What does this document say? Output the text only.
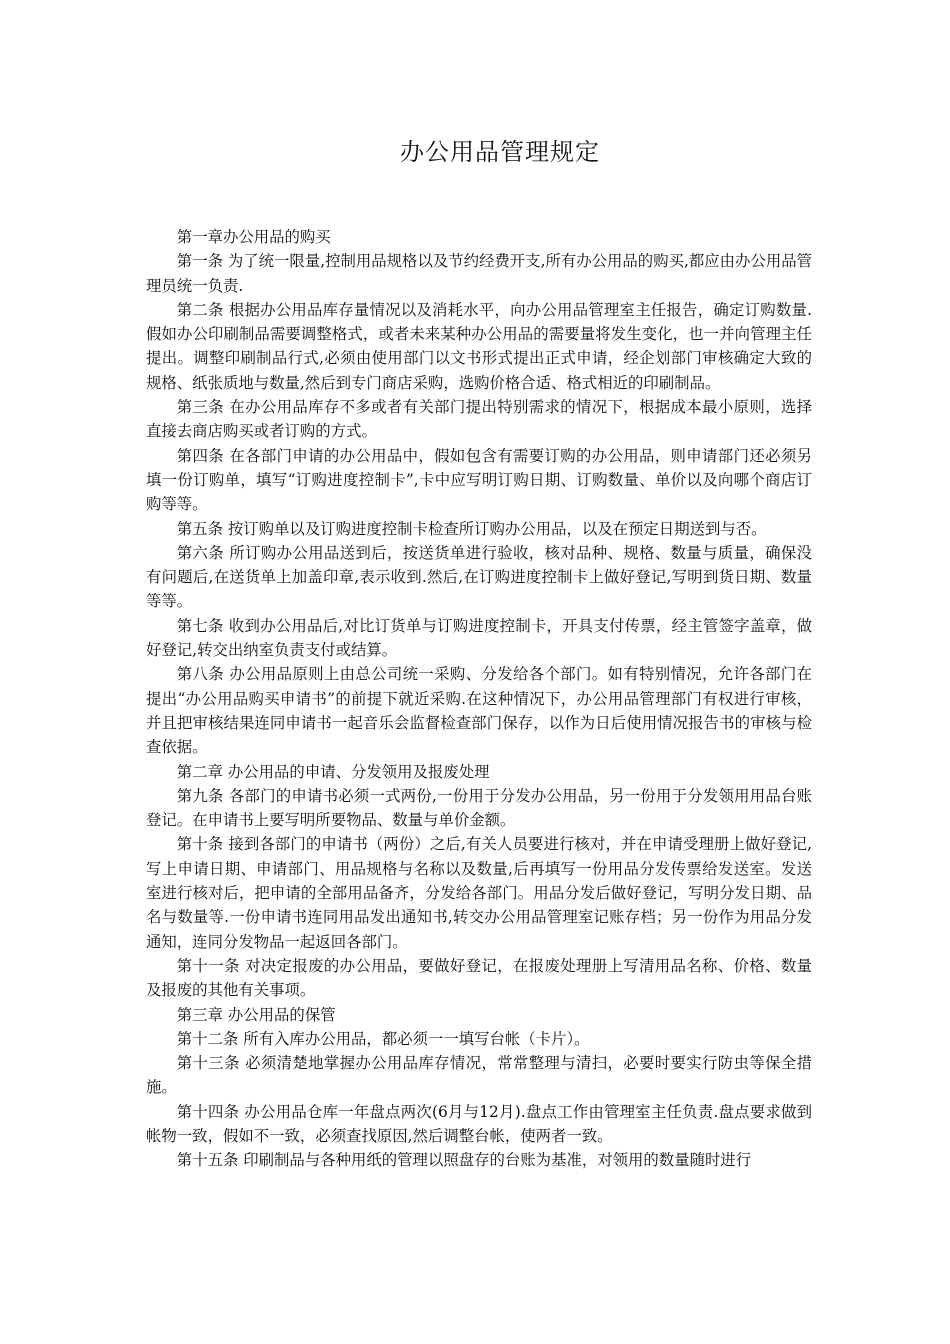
办公用品管理规定

第一章办公用品的购买

第一条 为了统一限量,控制用品规格以及节约经费开支,所有办公用品的购买,都应由办公用品管理员统一负责.

第二条 根据办公用品库存量情况以及消耗水平，向办公用品管理室主任报告，确定订购数量.假如办公印刷制品需要调整格式，或者未来某种办公用品的需要量将发生变化，也一并向管理主任提出。调整印刷制品行式,必须由使用部门以文书形式提出正式申请，经企划部门审核确定大致的规格、纸张质地与数量,然后到专门商店采购，选购价格合适、格式相近的印刷制品。

第三条 在办公用品库存不多或者有关部门提出特别需求的情况下，根据成本最小原则，选择直接去商店购买或者订购的方式。

第四条 在各部门申请的办公用品中，假如包含有需要订购的办公用品，则申请部门还必须另填一份订购单，填写“订购进度控制卡”,卡中应写明订购日期、订购数量、单价以及向哪个商店订购等等。

第五条 按订购单以及订购进度控制卡检查所订购办公用品，以及在预定日期送到与否。

第六条 所订购办公用品送到后，按送货单进行验收，核对品种、规格、数量与质量，确保没有问题后,在送货单上加盖印章,表示收到.然后,在订购进度控制卡上做好登记,写明到货日期、数量等等。

第七条 收到办公用品后,对比订货单与订购进度控制卡，开具支付传票，经主管签字盖章，做好登记,转交出纳室负责支付或结算。

第八条 办公用品原则上由总公司统一采购、分发给各个部门。如有特别情况，允许各部门在提出“办公用品购买申请书”的前提下就近采购.在这种情况下，办公用品管理部门有权进行审核，并且把审核结果连同申请书一起音乐会监督检查部门保存，以作为日后使用情况报告书的审核与检查依据。

第二章 办公用品的申请、分发领用及报废处理

第九条 各部门的申请书必须一式两份,一份用于分发办公用品，另一份用于分发领用用品台账登记。在申请书上要写明所要物品、数量与单价金额。

第十条 接到各部门的申请书（两份）之后,有关人员要进行核对，并在申请受理册上做好登记,写上申请日期、申请部门、用品规格与名称以及数量,后再填写一份用品分发传票给发送室。发送室进行核对后，把申请的全部用品备齐，分发给各部门。用品分发后做好登记，写明分发日期、品名与数量等.一份申请书连同用品发出通知书,转交办公用品管理室记账存档；另一份作为用品分发通知，连同分发物品一起返回各部门。

第十一条 对决定报废的办公用品，要做好登记，在报废处理册上写清用品名称、价格、数量及报废的其他有关事项。

第三章 办公用品的保管

第十二条 所有入库办公用品，都必须一一填写台帐（卡片）。

第十三条 必须清楚地掌握办公用品库存情况，常常整理与清扫，必要时要实行防虫等保全措施。

第十四条 办公用品仓库一年盘点两次(6月与12月).盘点工作由管理室主任负责.盘点要求做到帐物一致，假如不一致，必须查找原因,然后调整台帐，使两者一致。

第十五条 印刷制品与各种用纸的管理以照盘存的台账为基准，对领用的数量随时进行
